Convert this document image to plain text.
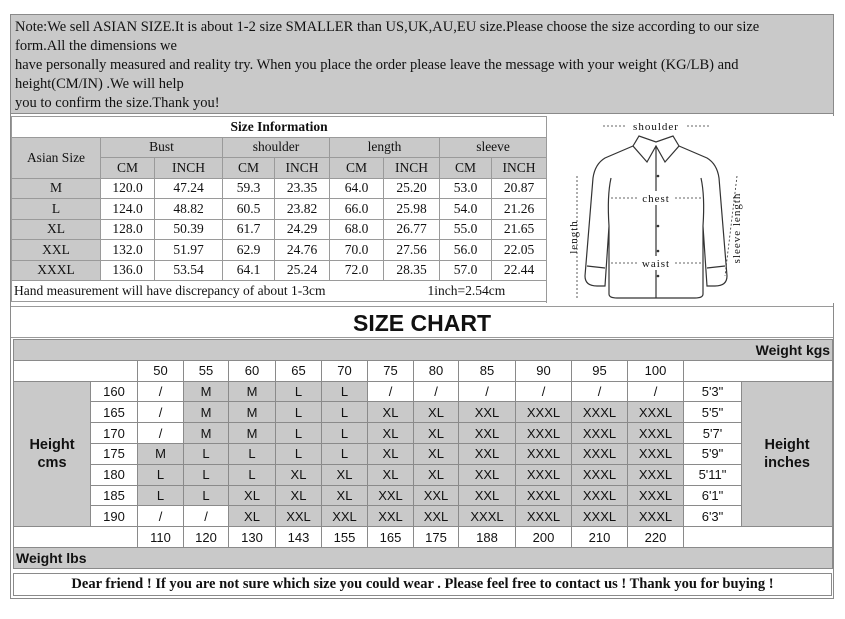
Note:We sell ASIAN SIZE.It is about 1-2 size SMALLER than US,UK,AU,EU size.Please choose the size according to our size
form.All the dimensions we
have personally measured and reality try. When you place the order please leave the message with your weight (KG/LB) and
height(CM/IN) .We will help
you to confirm the size.Thank you!
Size Information								
Asian Size	Bust		shoulder		length		sleeve	
	CM	INCH	CM	INCH	CM	INCH	CM	INCH
M	120.0	47.24	59.3	23.35	64.0	25.20	53.0	20.87
L	124.0	48.82	60.5	23.82	66.0	25.98	54.0	21.26
XL	128.0	50.39	61.7	24.29	68.0	26.77	55.0	21.65
XXL	132.0	51.97	62.9	24.76	70.0	27.56	56.0	22.05
XXXL	136.0	53.54	64.1	25.24	72.0	28.35	57.0	22.44
Hand measurement will have discrepancy of about 1-3cm 1inch=2.54cm								
shoulder
chest
waist
length	sleeve length
SIZE CHART
Weight kgs														
		50	55	60	65	70	75	80	85	90	95	100		
Height cms	160	/	M	M	L	L	/	/	/	/	/	/	5'3"	Height inches
	165	/	M	M	L	L	XL	XL	XXL	XXXL	XXXL	XXXL	5'5"	
	170	/	M	M	L	L	XL	XL	XXL	XXXL	XXXL	XXXL	5'7'	
	175	M	L	L	L	L	XL	XL	XXL	XXXL	XXXL	XXXL	5'9"	
	180	L	L	L	XL	XL	XL	XL	XXL	XXXL	XXXL	XXXL	5'11"	
	185	L	L	XL	XL	XL	XXL	XXL	XXL	XXXL	XXXL	XXXL	6'1"	
	190	/	/	XL	XXL	XXL	XXL	XXL	XXXL	XXXL	XXXL	XXXL	6'3"	
		110	120	130	143	155	165	175	188	200	210	220		
Weight lbs														
Dear friend ! If you are not sure which size you could wear . Please feel free to contact us ! Thank you for buying !
